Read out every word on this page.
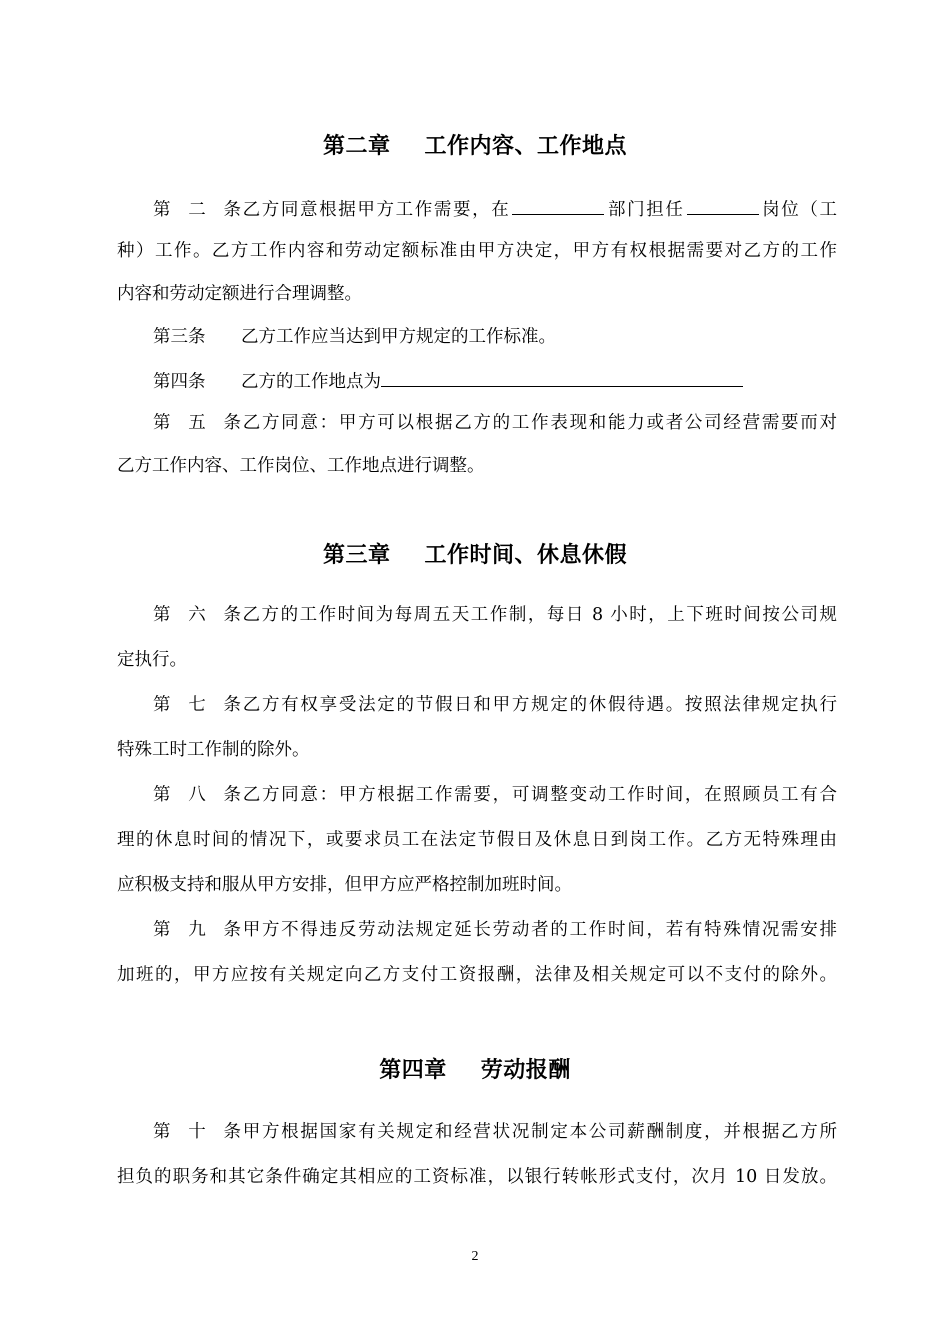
第二章 工作内容、工作地点
第二条乙方同意根据甲方工作需要，在	部门担任	岗位（工
种）工作。乙方工作内容和劳动定额标准由甲方决定，甲方有权根据需要对乙方的工作
内容和劳动定额进行合理调整。
第三条 乙方工作应当达到甲方规定的工作标准。
第四条 乙方的工作地点为
第五条乙方同意：甲方可以根据乙方的工作表现和能力或者公司经营需要而对
乙方工作内容、工作岗位、工作地点进行调整。
第三章 工作时间、休息休假
第六条乙方的工作时间为每周五天工作制，每日 8 小时，上下班时间按公司规
定执行。
第七条乙方有权享受法定的节假日和甲方规定的休假待遇。按照法律规定执行
特殊工时工作制的除外。
第八条乙方同意：甲方根据工作需要，可调整变动工作时间，在照顾员工有合
理的休息时间的情况下，或要求员工在法定节假日及休息日到岗工作。乙方无特殊理由
应积极支持和服从甲方安排，但甲方应严格控制加班时间。
第九条甲方不得违反劳动法规定延长劳动者的工作时间，若有特殊情况需安排
加班的，甲方应按有关规定向乙方支付工资报酬，法律及相关规定可以不支付的除外。
第四章 劳动报酬
第十条甲方根据国家有关规定和经营状况制定本公司薪酬制度，并根据乙方所
担负的职务和其它条件确定其相应的工资标准，以银行转帐形式支付，次月 10 日发放。
2
